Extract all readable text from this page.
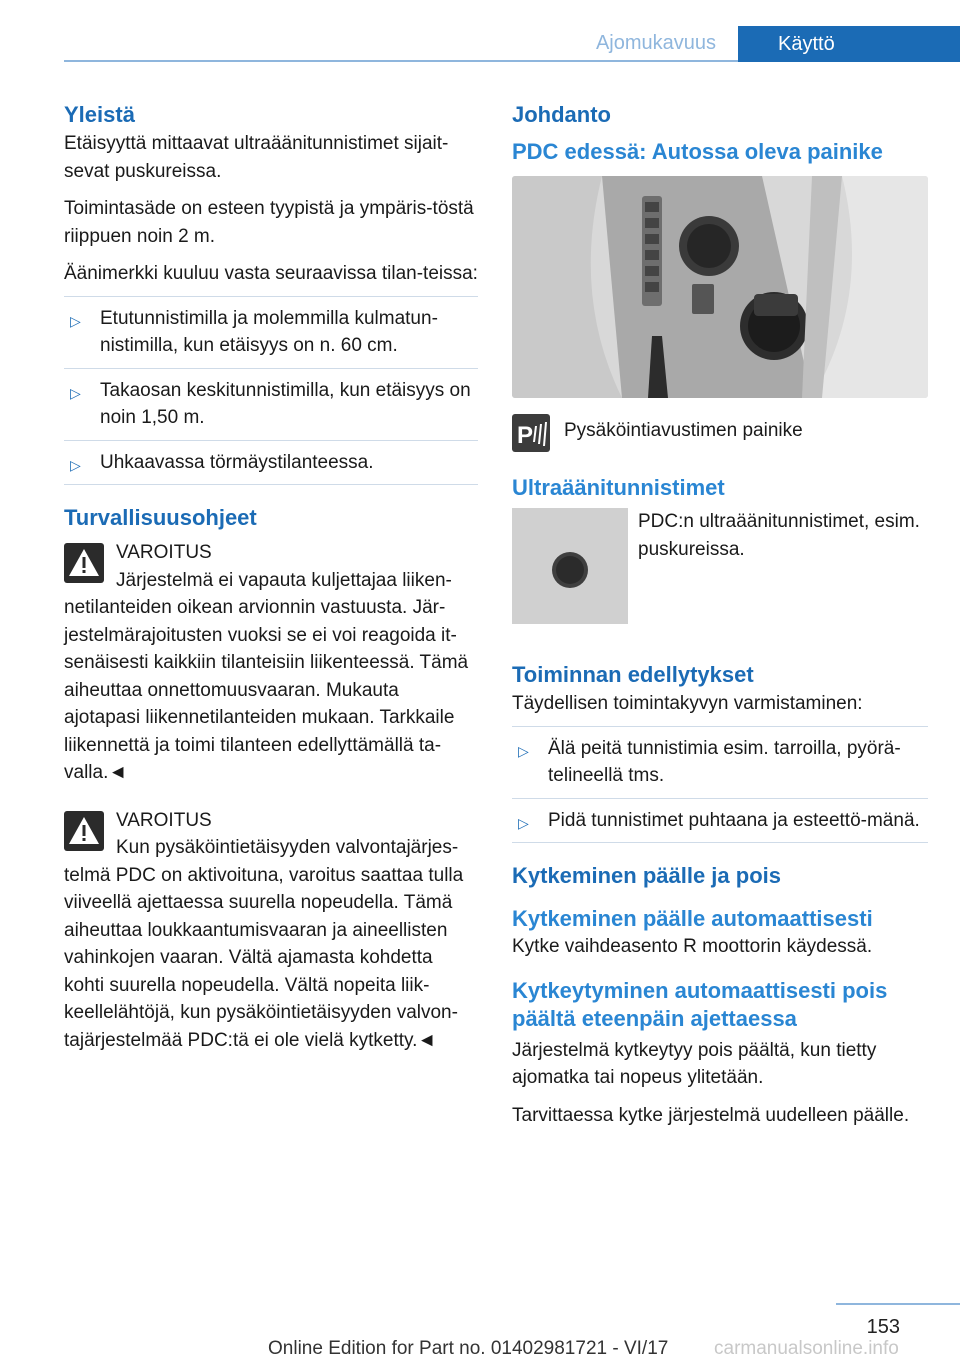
Ajomukavuus	Käyttö
Yleistä

Etäisyyttä mittaavat ultraäänitunnistimet sijait-sevat puskureissa.

Toimintasäde on esteen tyypistä ja ympäris-töstä riippuen noin 2 m.

Äänimerkki kuuluu vasta seuraavissa tilan-teissa:

▷ Etutunnistimilla ja molemmilla kulmatun-nistimilla, kun etäisyys on n. 60 cm.
▷ Takaosan keskitunnistimilla, kun etäisyys on noin 1,50 m.
▷ Uhkaavassa törmäystilanteessa.
Turvallisuusohjeet

VAROITUS

Järjestelmä ei vapauta kuljettajaa liiken-

netilanteiden oikean arvionnin vastuusta. Jär-jestelmärajoitusten vuoksi se ei voi reagoida it-senäisesti kaikkiin tilanteisiin liikenteessä. Tämä aiheuttaa onnettomuusvaaran. Mukauta ajotapasi liikennetilanteiden mukaan. Tarkkaile liikennettä ja toimi tilanteen edellyttämällä ta-valla.◄

VAROITUS

Kun pysäköintietäisyyden valvontajärjes-

telmä PDC on aktivoituna, varoitus saattaa tulla viiveellä ajettaessa suurella nopeudella. Tämä aiheuttaa loukkaantumisvaaran ja aineellisten vahinkojen vaaran. Vältä ajamasta kohdetta kohti suurella nopeudella. Vältä nopeita liik-keellelähtöjä, kun pysäköintietäisyyden valvon-tajärjestelmää PDC:tä ei ole vielä kytketty.◄

Johdanto
PDC edessä: Autossa oleva painike
P Pysäköintiavustimen painike
Ultraäänitunnistimet
PDC:n ultraäänitunnistimet, esim. puskureissa.
Toiminnan edellytykset

Täydellisen toimintakyvyn varmistaminen:

▷ Älä peitä tunnistimia esim. tarroilla, pyörä-telineellä tms.
▷ Pidä tunnistimet puhtaana ja esteettö-mänä.
Kytkeminen päälle ja pois
Kytkeminen päälle automaattisesti

Kytke vaihdeasento R moottorin käydessä.

Kytkeytyminen automaattisesti pois päältä eteenpäin ajettaessa

Järjestelmä kytkeytyy pois päältä, kun tietty ajomatka tai nopeus ylitetään.

Tarvittaessa kytke järjestelmä uudelleen päälle.

153
Online Edition for Part no. 01402981721 - VI/17 carmanualsonline.info
